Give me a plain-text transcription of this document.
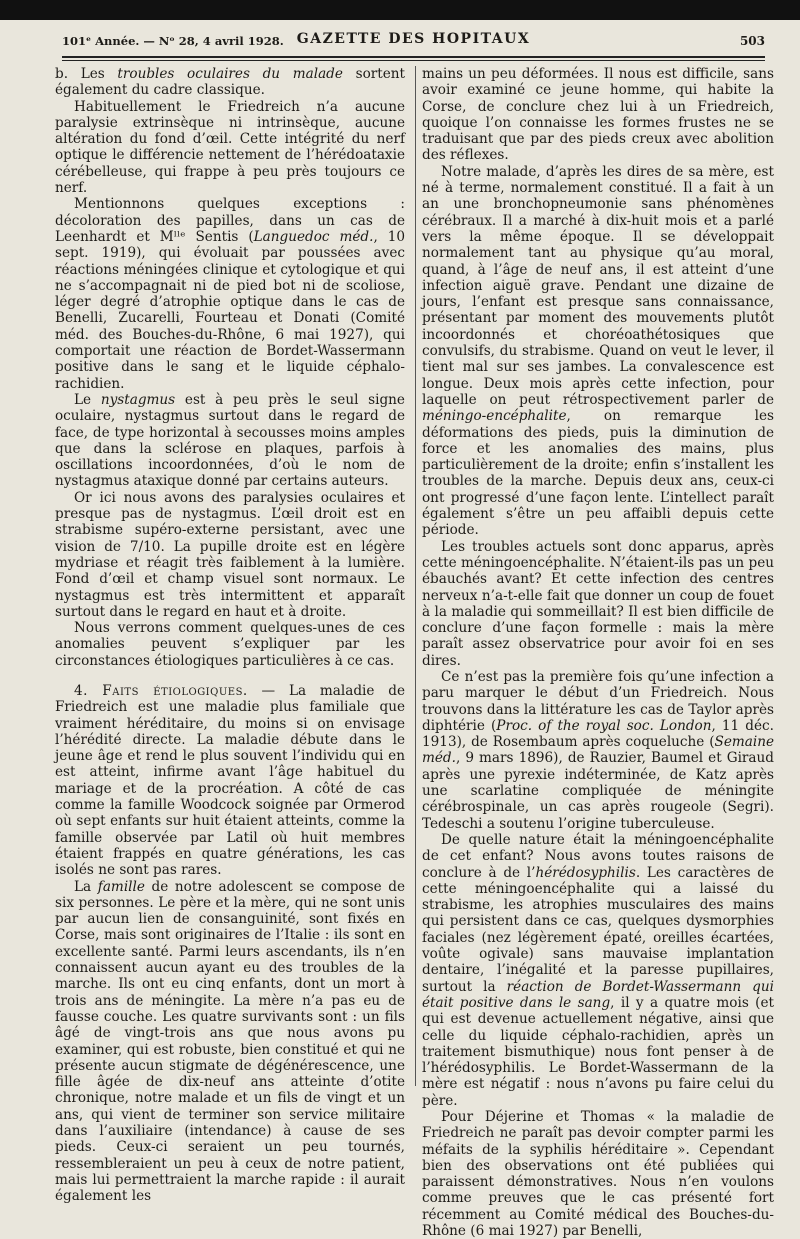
101ᵉ Année. — Nᵒ 28, 4 avril 1928. GAZETTE DES HOPITAUX	503

b. Les troubles oculaires du malade sortent également du cadre classique.

Habituellement le Friedreich n’a aucune paralysie extrinsèque ni intrinsèque, aucune altération du fond d’œil. Cette intégrité du nerf optique le différencie nettement de l’hérédoataxie cérébelleuse, qui frappe à peu près toujours ce nerf.

Mentionnons quelques exceptions : décoloration des papilles, dans un cas de Leenhardt et Mˡˡᵉ Sentis (Languedoc méd., 10 sept. 1919), qui évoluait par poussées avec réactions méningées clinique et cytologique et qui ne s’accompagnait ni de pied bot ni de scoliose, léger degré d’atrophie optique dans le cas de Benelli, Zucarelli, Fourteau et Donati (Comité méd. des Bouches-du-Rhône, 6 mai 1927), qui comportait une réaction de Bordet-Wassermann positive dans le sang et le liquide céphalo-rachidien.

Le nystagmus est à peu près le seul signe oculaire, nystagmus surtout dans le regard de face, de type horizontal à secousses moins amples que dans la sclérose en plaques, parfois à oscillations incoordonnées, d’où le nom de nystagmus ataxique donné par certains auteurs.

Or ici nous avons des paralysies oculaires et presque pas de nystagmus. L’œil droit est en strabisme supéro-externe persistant, avec une vision de 7/10. La pupille droite est en légère mydriase et réagit très faiblement à la lumière. Fond d’œil et champ visuel sont normaux. Le nystagmus est très intermittent et apparaît surtout dans le regard en haut et à droite.

Nous verrons comment quelques-unes de ces anomalies peuvent s’expliquer par les circonstances étiologiques particulières à ce cas.

4. Faits étiologiques. — La maladie de Friedreich est une maladie plus familiale que vraiment héréditaire, du moins si on envisage l’hérédité directe. La maladie débute dans le jeune âge et rend le plus souvent l’individu qui en est atteint, infirme avant l’âge habituel du mariage et de la procréation. A côté de cas comme la famille Woodcock soignée par Ormerod où sept enfants sur huit étaient atteints, comme la famille observée par Latil où huit membres étaient frappés en quatre générations, les cas isolés ne sont pas rares.

La famille de notre adolescent se compose de six personnes. Le père et la mère, qui ne sont unis par aucun lien de consanguinité, sont fixés en Corse, mais sont originaires de l’Italie : ils sont en excellente santé. Parmi leurs ascendants, ils n’en connaissent aucun ayant eu des troubles de la marche. Ils ont eu cinq enfants, dont un mort à trois ans de méningite. La mère n’a pas eu de fausse couche. Les quatre survivants sont : un fils âgé de vingt-trois ans que nous avons pu examiner, qui est robuste, bien constitué et qui ne présente aucun stigmate de dégénérescence, une fille âgée de dix-neuf ans atteinte d’otite chronique, notre malade et un fils de vingt et un ans, qui vient de terminer son service militaire dans l’auxiliaire (intendance) à cause de ses pieds. Ceux-ci seraient un peu tournés, ressembleraient un peu à ceux de notre patient, mais lui permettraient la marche rapide : il aurait également les

mains un peu déformées. Il nous est difficile, sans avoir examiné ce jeune homme, qui habite la Corse, de conclure chez lui à un Friedreich, quoique l’on connaisse les formes frustes ne se traduisant que par des pieds creux avec abolition des réflexes.

Notre malade, d’après les dires de sa mère, est né à terme, normalement constitué. Il a fait à un an une bronchopneumonie sans phénomènes cérébraux. Il a marché à dix-huit mois et a parlé vers la même époque. Il se développait normalement tant au physique qu’au moral, quand, à l’âge de neuf ans, il est atteint d’une infection aiguë grave. Pendant une dizaine de jours, l’enfant est presque sans connaissance, présentant par moment des mouvements plutôt incoordonnés et choréoathétosiques que convulsifs, du strabisme. Quand on veut le lever, il tient mal sur ses jambes. La convalescence est longue. Deux mois après cette infection, pour laquelle on peut rétrospectivement parler de méningo-encéphalite, on remarque les déformations des pieds, puis la diminution de force et les anomalies des mains, plus particulièrement de la droite; enfin s’installent les troubles de la marche. Depuis deux ans, ceux-ci ont progressé d’une façon lente. L’intellect paraît également s’être un peu affaibli depuis cette période.

Les troubles actuels sont donc apparus, après cette méningoencéphalite. N’étaient-ils pas un peu ébauchés avant? Et cette infection des centres nerveux n’a-t-elle fait que donner un coup de fouet à la maladie qui sommeillait? Il est bien difficile de conclure d’une façon formelle : mais la mère paraît assez observatrice pour avoir foi en ses dires.

Ce n’est pas la première fois qu’une infection a paru marquer le début d’un Friedreich. Nous trouvons dans la littérature les cas de Taylor après diphtérie (Proc. of the royal soc. London, 11 déc. 1913), de Rosembaum après coqueluche (Semaine méd., 9 mars 1896), de Rauzier, Baumel et Giraud après une pyrexie indéterminée, de Katz après une scarlatine compliquée de méningite cérébrospinale, un cas après rougeole (Segri). Tedeschi a soutenu l’origine tuberculeuse.

De quelle nature était la méningoencéphalite de cet enfant? Nous avons toutes raisons de conclure à de l’hérédosyphilis. Les caractères de cette méningoencéphalite qui a laissé du strabisme, les atrophies musculaires des mains qui persistent dans ce cas, quelques dysmorphies faciales (nez légèrement épaté, oreilles écartées, voûte ogivale) sans mauvaise implantation dentaire, l’inégalité et la paresse pupillaires, surtout la réaction de Bordet-Wassermann qui était positive dans le sang, il y a quatre mois (et qui est devenue actuellement négative, ainsi que celle du liquide céphalo-rachidien, après un traitement bismuthique) nous font penser à de l’hérédosyphilis. Le Bordet-Wassermann de la mère est négatif : nous n’avons pu faire celui du père.

Pour Déjerine et Thomas « la maladie de Friedreich ne paraît pas devoir compter parmi les méfaits de la syphilis héréditaire ». Cependant bien des observations ont été publiées qui paraissent démonstratives. Nous n’en voulons comme preuves que le cas présenté fort récemment au Comité médical des Bouches-du-Rhône (6 mai 1927) par Benelli,
